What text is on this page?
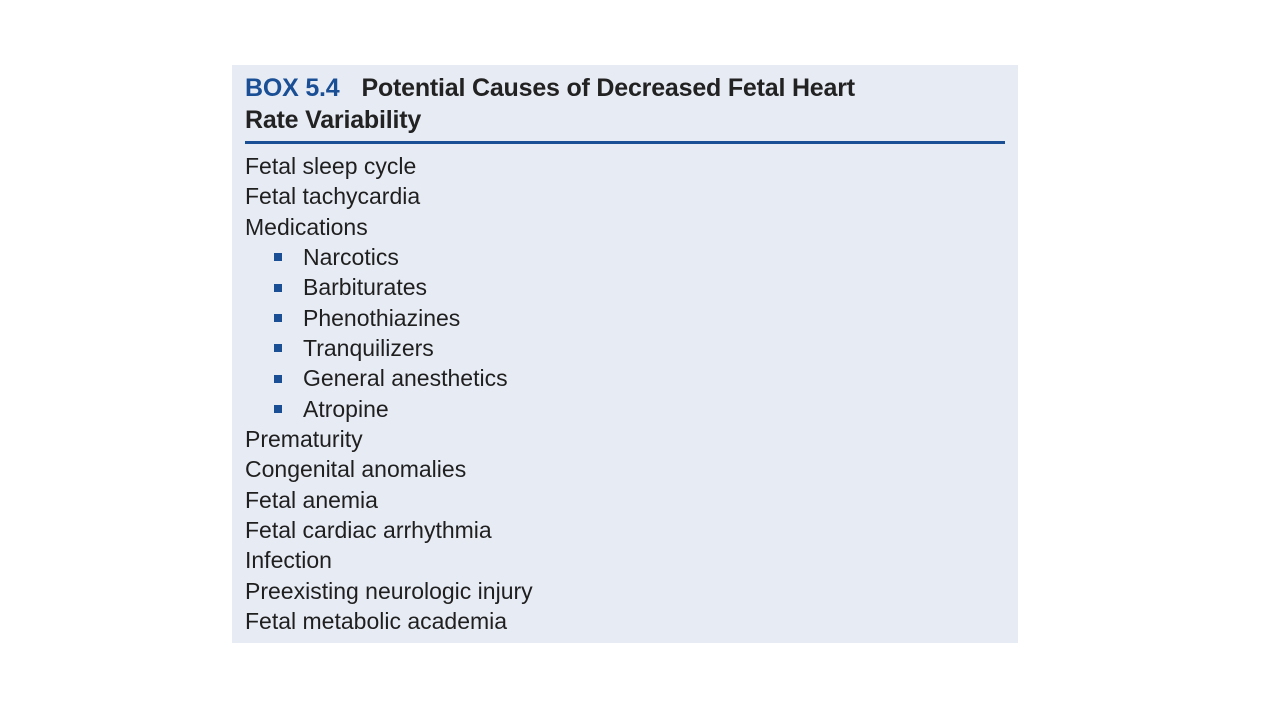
BOX 5.4 Potential Causes of Decreased Fetal Heart
Rate Variability
Fetal sleep cycle
Fetal tachycardia
Medications
Narcotics
Barbiturates
Phenothiazines
Tranquilizers
General anesthetics
Atropine
Prematurity
Congenital anomalies
Fetal anemia
Fetal cardiac arrhythmia
Infection
Preexisting neurologic injury
Fetal metabolic academia
